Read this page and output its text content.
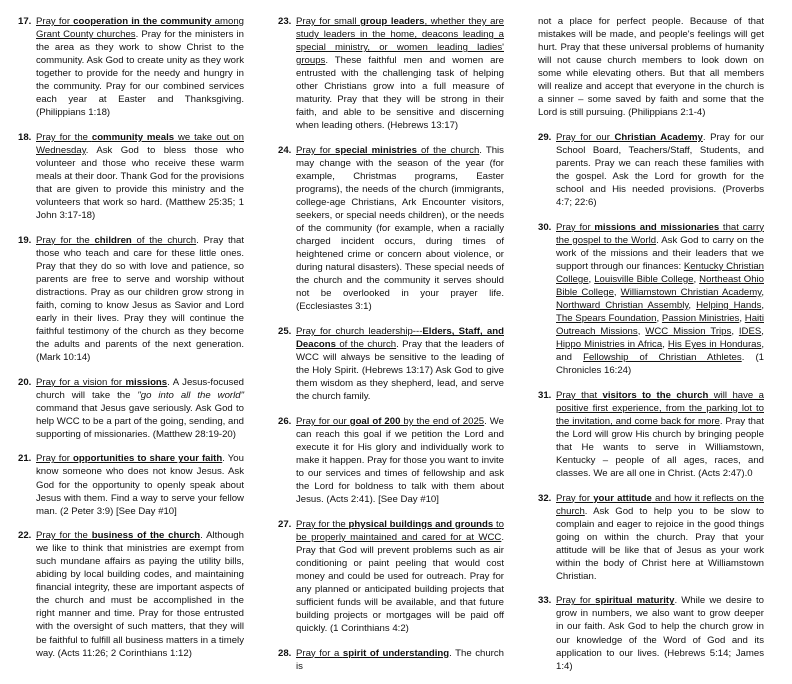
17. Pray for cooperation in the community among Grant County churches. Pray for the ministers in the area as they work to show Christ to the community. Ask God to create unity as they work together to provide for the needy and hungry in the community. Pray for our combined services each year at Easter and Thanksgiving. (Philippians 1:18)
18. Pray for the community meals we take out on Wednesday. Ask God to bless those who volunteer and those who receive these warm meals at their door. Thank God for the provisions that are given to provide this ministry and the volunteers that work so hard. (Matthew 25:35; 1 John 3:17-18)
19. Pray for the children of the church. Pray that those who teach and care for these little ones. Pray that they do so with love and patience, so parents are free to serve and worship without distractions. Pray as our children grow strong in faith, coming to know Jesus as Savior and Lord early in their lives. Pray they will continue the faithful testimony of the church as they become the adults and parents of the next generation. (Mark 10:14)
20. Pray for a vision for missions. A Jesus-focused church will take the "go into all the world" command that Jesus gave seriously. Ask God to help WCC to be a part of the going, sending, and supporting of missionaries. (Matthew 28:19-20)
21. Pray for opportunities to share your faith. You know someone who does not know Jesus. Ask God for the opportunity to openly speak about Jesus with them. Find a way to serve your fellow man. (2 Peter 3:9) [See Day #10]
22. Pray for the business of the church. Although we like to think that ministries are exempt from such mundane affairs as paying the utility bills, abiding by local building codes, and maintaining financial integrity, these are important aspects of the church and must be accomplished in the right manner and time. Pray for those entrusted with the oversight of such matters, that they will be faithful to fulfill all business matters in a timely way. (Acts 11:26; 2 Corinthians 1:12)
23. Pray for small group leaders, whether they are study leaders in the home, deacons leading a special ministry, or women leading ladies' groups. These faithful men and women are entrusted with the challenging task of helping other Christians grow into a full measure of maturity. Pray that they will be strong in their faith, and able to be sensitive and discerning when leading others. (Hebrews 13:17)
24. Pray for special ministries of the church. This may change with the season of the year (for example, Christmas programs, Easter programs), the needs of the church (immigrants, college-age Christians, Ark Encounter visitors, seekers, or special needs children), or the needs of the community (for example, when a racially charged incident occurs, during times of heightened crime or concern about violence, or during natural disasters). These special needs of the church and the community it serves should not be overlooked in your prayer life. (Ecclesiastes 3:1)
25. Pray for church leadership---Elders, Staff, and Deacons of the church. Pray that the leaders of WCC will always be sensitive to the leading of the Holy Spirit. (Hebrews 13:17) Ask God to give them wisdom as they shepherd, lead, and serve the church family.
26. Pray for our goal of 200 by the end of 2025. We can reach this goal if we petition the Lord and execute it for His glory and individually work to make it happen. Pray for those you want to invite to our services and times of fellowship and ask the Lord for boldness to talk with them about Jesus. (Acts 2:41). [See Day #10]
27. Pray for the physical buildings and grounds to be properly maintained and cared for at WCC. Pray that God will prevent problems such as air conditioning or paint peeling that would cost money and could be used for outreach. Pray for any planned or anticipated building projects that sufficient funds will be available, and that future building projects or mortgages will be paid off quickly. (1 Corinthians 4:2)
28. Pray for a spirit of understanding. The church is
not a place for perfect people. Because of that mistakes will be made, and people's feelings will get hurt. Pray that these universal problems of humanity will not cause church members to look down on some while elevating others. But that all members will realize and accept that everyone in the church is a sinner – some saved by faith and some that the Lord is still pursuing. (Philippians 2:1-4)
29. Pray for our Christian Academy. Pray for our School Board, Teachers/Staff, Students, and parents. Pray we can reach these families with the gospel. Ask the Lord for growth for the school and His needed provisions. (Proverbs 4:7; 22:6)
30. Pray for missions and missionaries that carry the gospel to the World. Ask God to carry on the work of the missions and their leaders that we support through our finances: Kentucky Christian College, Louisville Bible College, Northeast Ohio Bible College, Williamstown Christian Academy, Northward Christian Assembly, Helping Hands, The Spears Foundation, Passion Ministries, Haiti Outreach Missions, WCC Mission Trips, IDES, Hippo Ministries in Africa, His Eyes in Honduras, and Fellowship of Christian Athletes. (1 Chronicles 16:24)
31. Pray that visitors to the church will have a positive first experience, from the parking lot to the invitation, and come back for more. Pray that the Lord will grow His church by bringing people that He wants to serve in Williamstown, Kentucky – people of all ages, races, and classes. We are all one in Christ. (Acts 2:47).0
32. Pray for your attitude and how it reflects on the church. Ask God to help you to be slow to complain and eager to rejoice in the good things going on within the church. Pray that your attitude will be like that of Jesus as your work within the body of Christ here at Williamstown Christian.
33. Pray for spiritual maturity. While we desire to grow in numbers, we also want to grow deeper in our faith. Ask God to help the church grow in our knowledge of the Word of God and its application to our lives. (Hebrews 5:14; James 1:4)
